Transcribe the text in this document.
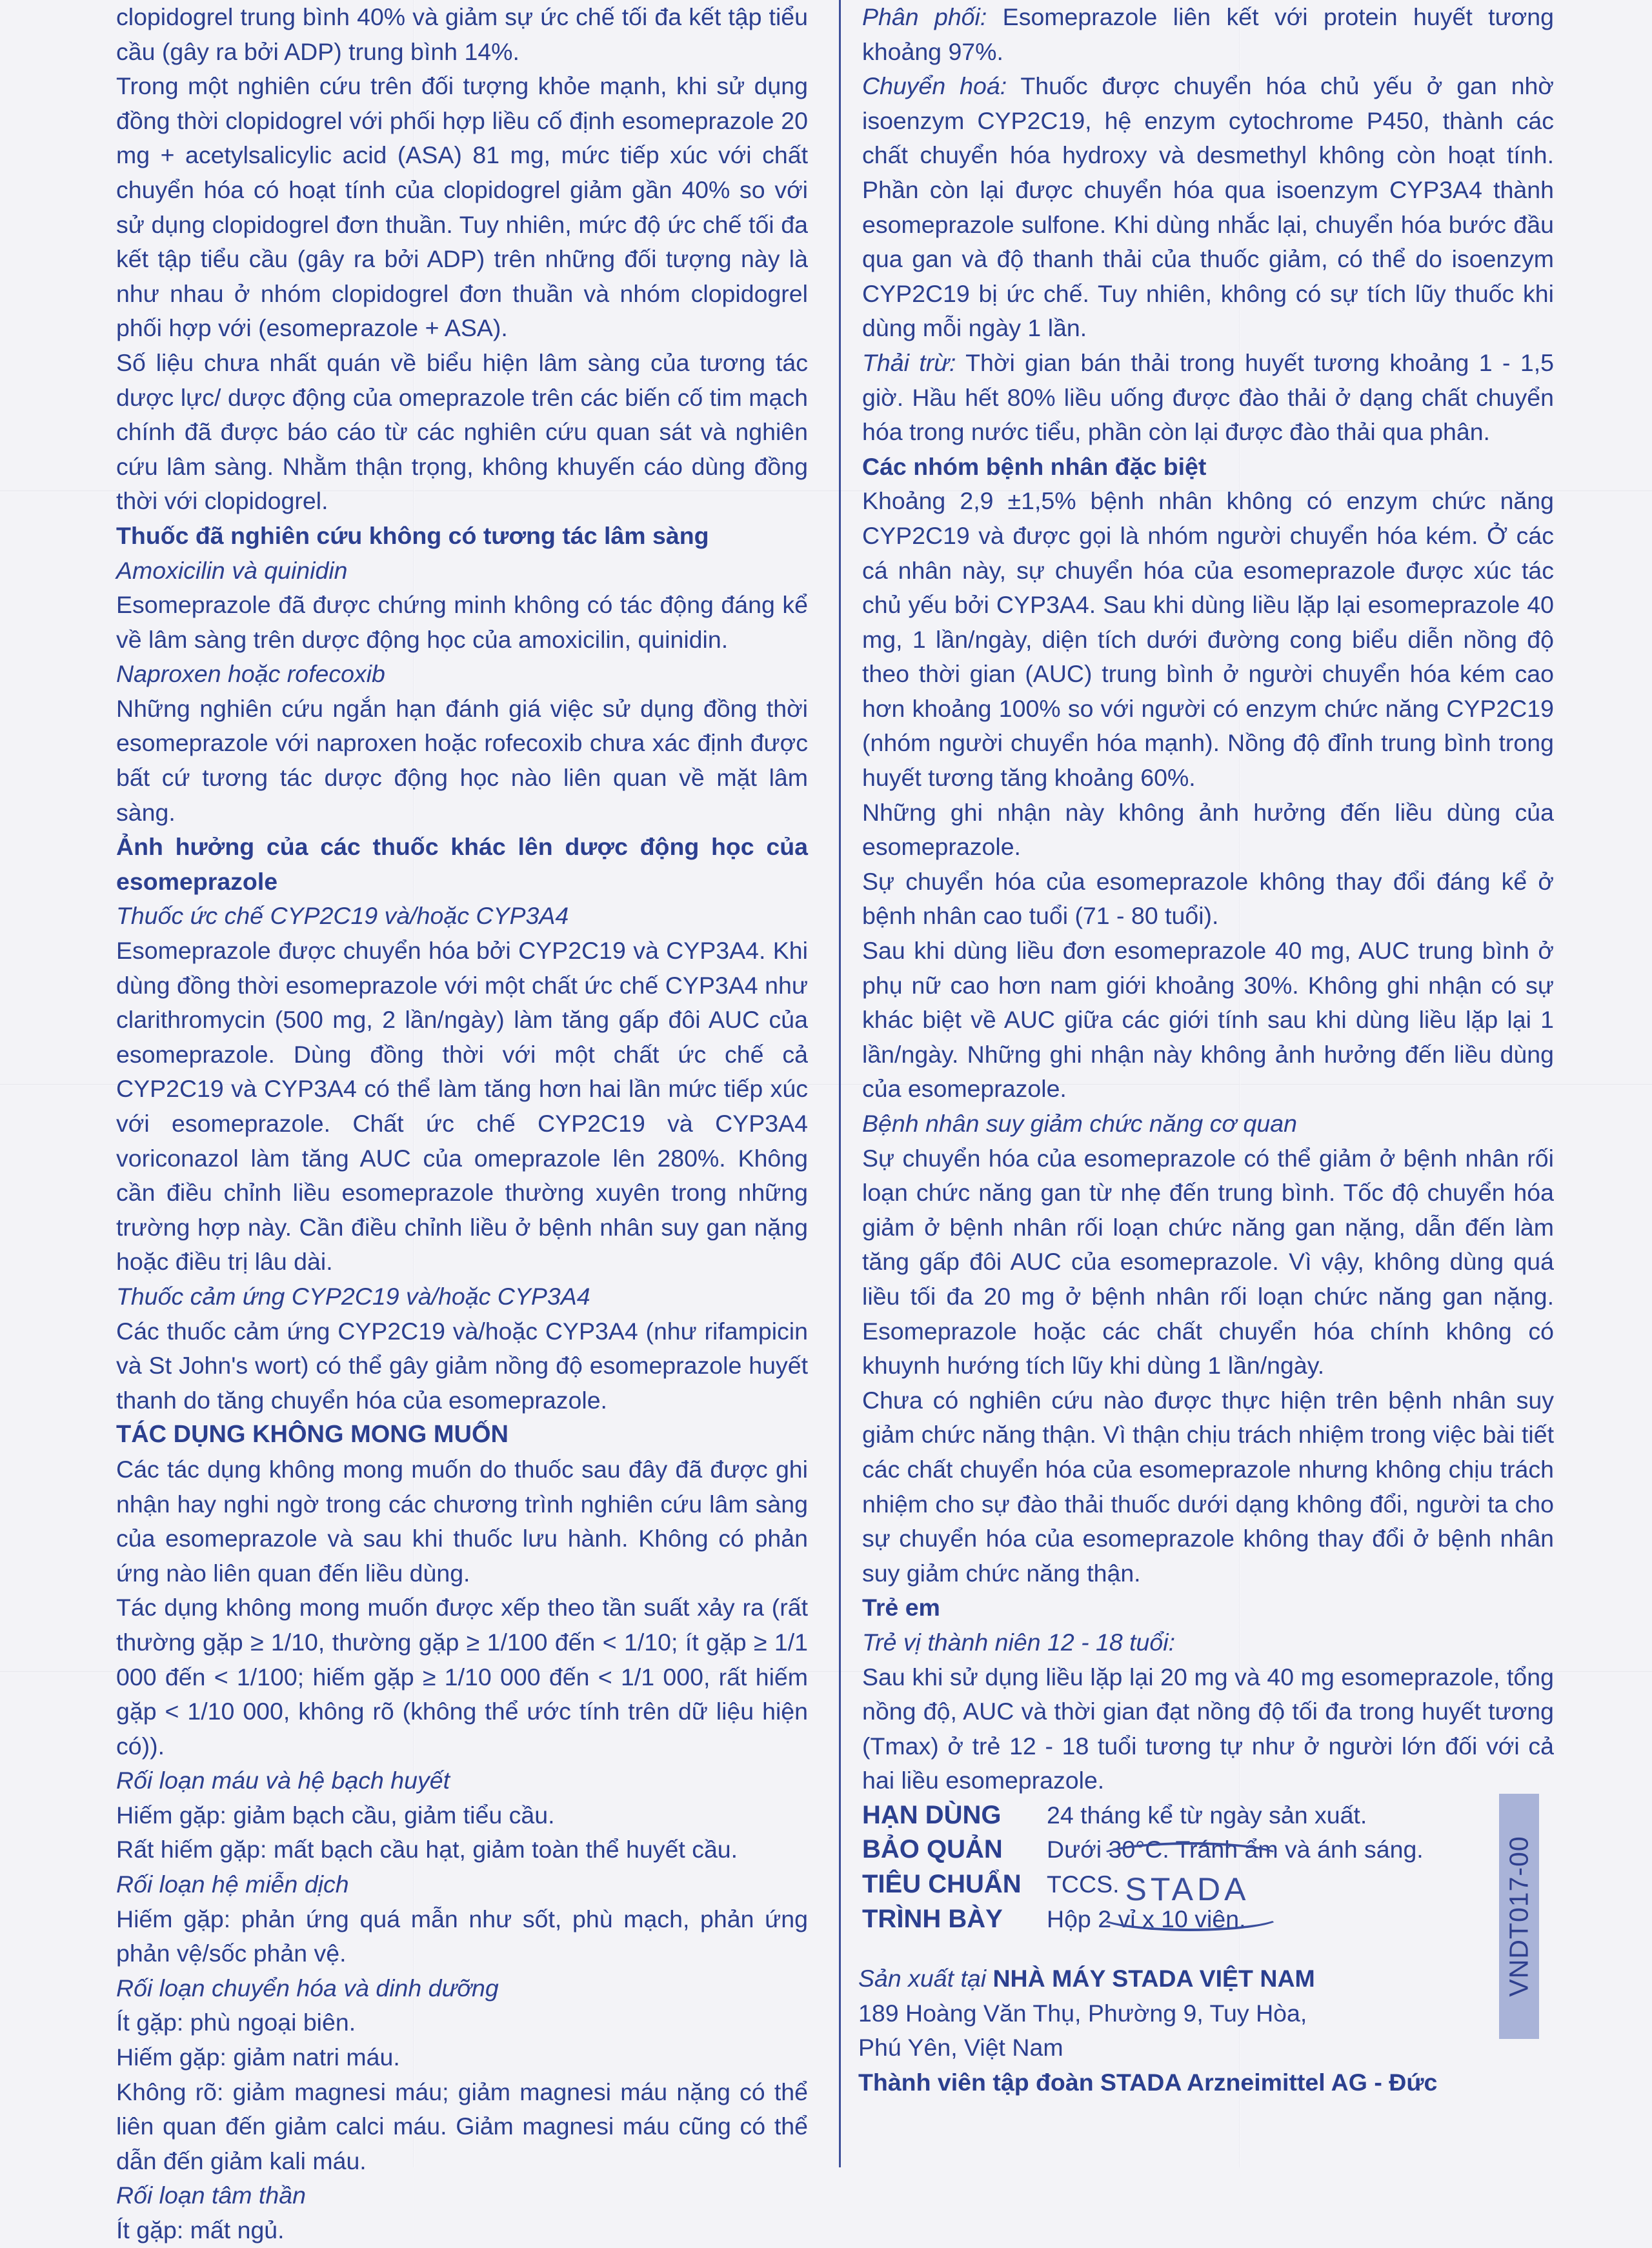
clopidogrel trung bình 40% và giảm sự ức chế tối đa kết tập tiểu cầu (gây ra bởi ADP) trung bình 14%.

Trong một nghiên cứu trên đối tượng khỏe mạnh, khi sử dụng đồng thời clopidogrel với phối hợp liều cố định esomeprazole 20 mg + acetylsalicylic acid (ASA) 81 mg, mức tiếp xúc với chất chuyển hóa có hoạt tính của clopidogrel giảm gần 40% so với sử dụng clopidogrel đơn thuần. Tuy nhiên, mức độ ức chế tối đa kết tập tiểu cầu (gây ra bởi ADP) trên những đối tượng này là như nhau ở nhóm clopidogrel đơn thuần và nhóm clopidogrel phối hợp với (esomeprazole + ASA).

Số liệu chưa nhất quán về biểu hiện lâm sàng của tương tác dược lực/ dược động của omeprazole trên các biến cố tim mạch chính đã được báo cáo từ các nghiên cứu quan sát và nghiên cứu lâm sàng. Nhằm thận trọng, không khuyến cáo dùng đồng thời với clopidogrel.

Thuốc đã nghiên cứu không có tương tác lâm sàng

Amoxicilin và quinidin

Esomeprazole đã được chứng minh không có tác động đáng kể về lâm sàng trên dược động học của amoxicilin, quinidin.

Naproxen hoặc rofecoxib

Những nghiên cứu ngắn hạn đánh giá việc sử dụng đồng thời esomeprazole với naproxen hoặc rofecoxib chưa xác định được bất cứ tương tác dược động học nào liên quan về mặt lâm sàng.

Ảnh hưởng của các thuốc khác lên dược động học của esomeprazole

Thuốc ức chế CYP2C19 và/hoặc CYP3A4

Esomeprazole được chuyển hóa bởi CYP2C19 và CYP3A4. Khi dùng đồng thời esomeprazole với một chất ức chế CYP3A4 như clarithromycin (500 mg, 2 lần/ngày) làm tăng gấp đôi AUC của esomeprazole. Dùng đồng thời với một chất ức chế cả CYP2C19 và CYP3A4 có thể làm tăng hơn hai lần mức tiếp xúc với esomeprazole. Chất ức chế CYP2C19 và CYP3A4 voriconazol làm tăng AUC của omeprazole lên 280%. Không cần điều chỉnh liều esomeprazole thường xuyên trong những trường hợp này. Cần điều chỉnh liều ở bệnh nhân suy gan nặng hoặc điều trị lâu dài.

Thuốc cảm ứng CYP2C19 và/hoặc CYP3A4

Các thuốc cảm ứng CYP2C19 và/hoặc CYP3A4 (như rifampicin và St John's wort) có thể gây giảm nồng độ esomeprazole huyết thanh do tăng chuyển hóa của esomeprazole.

TÁC DỤNG KHÔNG MONG MUỐN

Các tác dụng không mong muốn do thuốc sau đây đã được ghi nhận hay nghi ngờ trong các chương trình nghiên cứu lâm sàng của esomeprazole và sau khi thuốc lưu hành. Không có phản ứng nào liên quan đến liều dùng.

Tác dụng không mong muốn được xếp theo tần suất xảy ra (rất thường gặp ≥ 1/10, thường gặp ≥ 1/100 đến < 1/10; ít gặp ≥ 1/1 000 đến < 1/100; hiếm gặp ≥ 1/10 000 đến < 1/1 000, rất hiếm gặp < 1/10 000, không rõ (không thể ước tính trên dữ liệu hiện có)).

Rối loạn máu và hệ bạch huyết

Hiếm gặp: giảm bạch cầu, giảm tiểu cầu.

Rất hiếm gặp: mất bạch cầu hạt, giảm toàn thể huyết cầu.

Rối loạn hệ miễn dịch

Hiếm gặp: phản ứng quá mẫn như sốt, phù mạch, phản ứng phản vệ/sốc phản vệ.

Rối loạn chuyển hóa và dinh dưỡng

Ít gặp: phù ngoại biên.

Hiếm gặp: giảm natri máu.

Không rõ: giảm magnesi máu; giảm magnesi máu nặng có thể liên quan đến giảm calci máu. Giảm magnesi máu cũng có thể dẫn đến giảm kali máu.

Rối loạn tâm thần

Ít gặp: mất ngủ.

Phân phối: Esomeprazole liên kết với protein huyết tương khoảng 97%.

Chuyển hoá: Thuốc được chuyển hóa chủ yếu ở gan nhờ isoenzym CYP2C19, hệ enzym cytochrome P450, thành các chất chuyển hóa hydroxy và desmethyl không còn hoạt tính. Phần còn lại được chuyển hóa qua isoenzym CYP3A4 thành esomeprazole sulfone. Khi dùng nhắc lại, chuyển hóa bước đầu qua gan và độ thanh thải của thuốc giảm, có thể do isoenzym CYP2C19 bị ức chế. Tuy nhiên, không có sự tích lũy thuốc khi dùng mỗi ngày 1 lần.

Thải trừ: Thời gian bán thải trong huyết tương khoảng 1 - 1,5 giờ. Hầu hết 80% liều uống được đào thải ở dạng chất chuyển hóa trong nước tiểu, phần còn lại được đào thải qua phân.

Các nhóm bệnh nhân đặc biệt

Khoảng 2,9 ±1,5% bệnh nhân không có enzym chức năng CYP2C19 và được gọi là nhóm người chuyển hóa kém. Ở các cá nhân này, sự chuyển hóa của esomeprazole được xúc tác chủ yếu bởi CYP3A4. Sau khi dùng liều lặp lại esomeprazole 40 mg, 1 lần/ngày, diện tích dưới đường cong biểu diễn nồng độ theo thời gian (AUC) trung bình ở người chuyển hóa kém cao hơn khoảng 100% so với người có enzym chức năng CYP2C19 (nhóm người chuyển hóa mạnh). Nồng độ đỉnh trung bình trong huyết tương tăng khoảng 60%.

Những ghi nhận này không ảnh hưởng đến liều dùng của esomeprazole.

Sự chuyển hóa của esomeprazole không thay đổi đáng kể ở bệnh nhân cao tuổi (71 - 80 tuổi).

Sau khi dùng liều đơn esomeprazole 40 mg, AUC trung bình ở phụ nữ cao hơn nam giới khoảng 30%. Không ghi nhận có sự khác biệt về AUC giữa các giới tính sau khi dùng liều lặp lại 1 lần/ngày. Những ghi nhận này không ảnh hưởng đến liều dùng của esomeprazole.

Bệnh nhân suy giảm chức năng cơ quan

Sự chuyển hóa của esomeprazole có thể giảm ở bệnh nhân rối loạn chức năng gan từ nhẹ đến trung bình. Tốc độ chuyển hóa giảm ở bệnh nhân rối loạn chức năng gan nặng, dẫn đến làm tăng gấp đôi AUC của esomeprazole. Vì vậy, không dùng quá liều tối đa 20 mg ở bệnh nhân rối loạn chức năng gan nặng. Esomeprazole hoặc các chất chuyển hóa chính không có khuynh hướng tích lũy khi dùng 1 lần/ngày.

Chưa có nghiên cứu nào được thực hiện trên bệnh nhân suy giảm chức năng thận. Vì thận chịu trách nhiệm trong việc bài tiết các chất chuyển hóa của esomeprazole nhưng không chịu trách nhiệm cho sự đào thải thuốc dưới dạng không đổi, người ta cho sự chuyển hóa của esomeprazole không thay đổi ở bệnh nhân suy giảm chức năng thận.

Trẻ em

Trẻ vị thành niên 12 - 18 tuổi:

Sau khi sử dụng liều lặp lại 20 mg và 40 mg esomeprazole, tổng nồng độ, AUC và thời gian đạt nồng độ tối đa trong huyết tương (Tmax) ở trẻ 12 - 18 tuổi tương tự như ở người lớn đối với cả hai liều esomeprazole.

HẠN DÙNG	24 tháng kể từ ngày sản xuất.
BẢO QUẢN	Dưới 30°C. Tránh ẩm và ánh sáng.
TIÊU CHUẨN	TCCS.
TRÌNH BÀY	Hộp 2 vỉ x 10 viên.
STADA

Sản xuất tại NHÀ MÁY STADA VIỆT NAM

189 Hoàng Văn Thụ, Phường 9, Tuy Hòa,

Phú Yên, Việt Nam

Thành viên tập đoàn STADA Arzneimittel AG - Đức

VNDT017-00
